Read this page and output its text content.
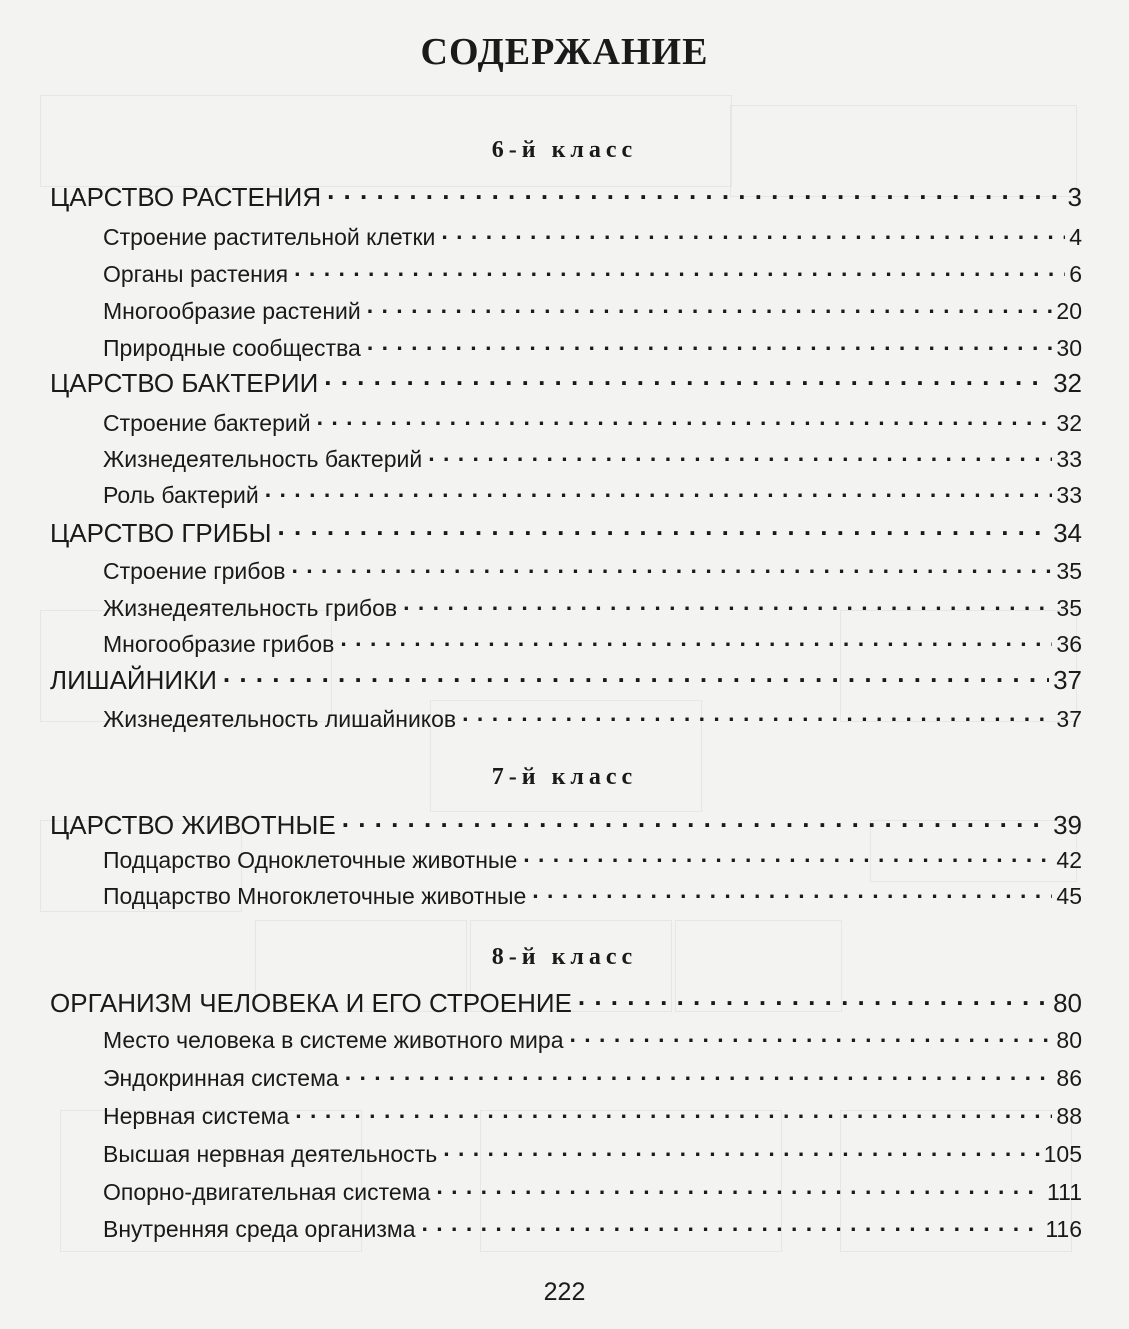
СОДЕРЖАНИЕ
6-й класс
ЦАРСТВО РАСТЕНИЯ . . .	3
Строение растительной клетки . . .	4
Органы растения . . .	6
Многообразие растений . . .	20
Природные сообщества . . .	30
ЦАРСТВО БАКТЕРИИ . . .	32
Строение бактерий . . .	32
Жизнедеятельность бактерий . . .	33
Роль бактерий . . .	33
ЦАРСТВО ГРИБЫ . . .	34
Строение грибов . . .	35
Жизнедеятельность грибов . . .	35
Многообразие грибов . . .	36
ЛИШАЙНИКИ . . .	37
Жизнедеятельность лишайников . . .	37
7-й класс
ЦАРСТВО ЖИВОТНЫЕ . . .	39
Подцарство Одноклеточные животные . . .	42
Подцарство Многоклеточные животные . . .	45
8-й класс
ОРГАНИЗМ ЧЕЛОВЕКА И ЕГО СТРОЕНИЕ . . .	80
Место человека в системе животного мира . . .	80
Эндокринная система . . .	86
Нервная система . . .	88
Высшая нервная деятельность . . .	105
Опорно-двигательная система . . .	111
Внутренняя среда организма . . .	116
222
